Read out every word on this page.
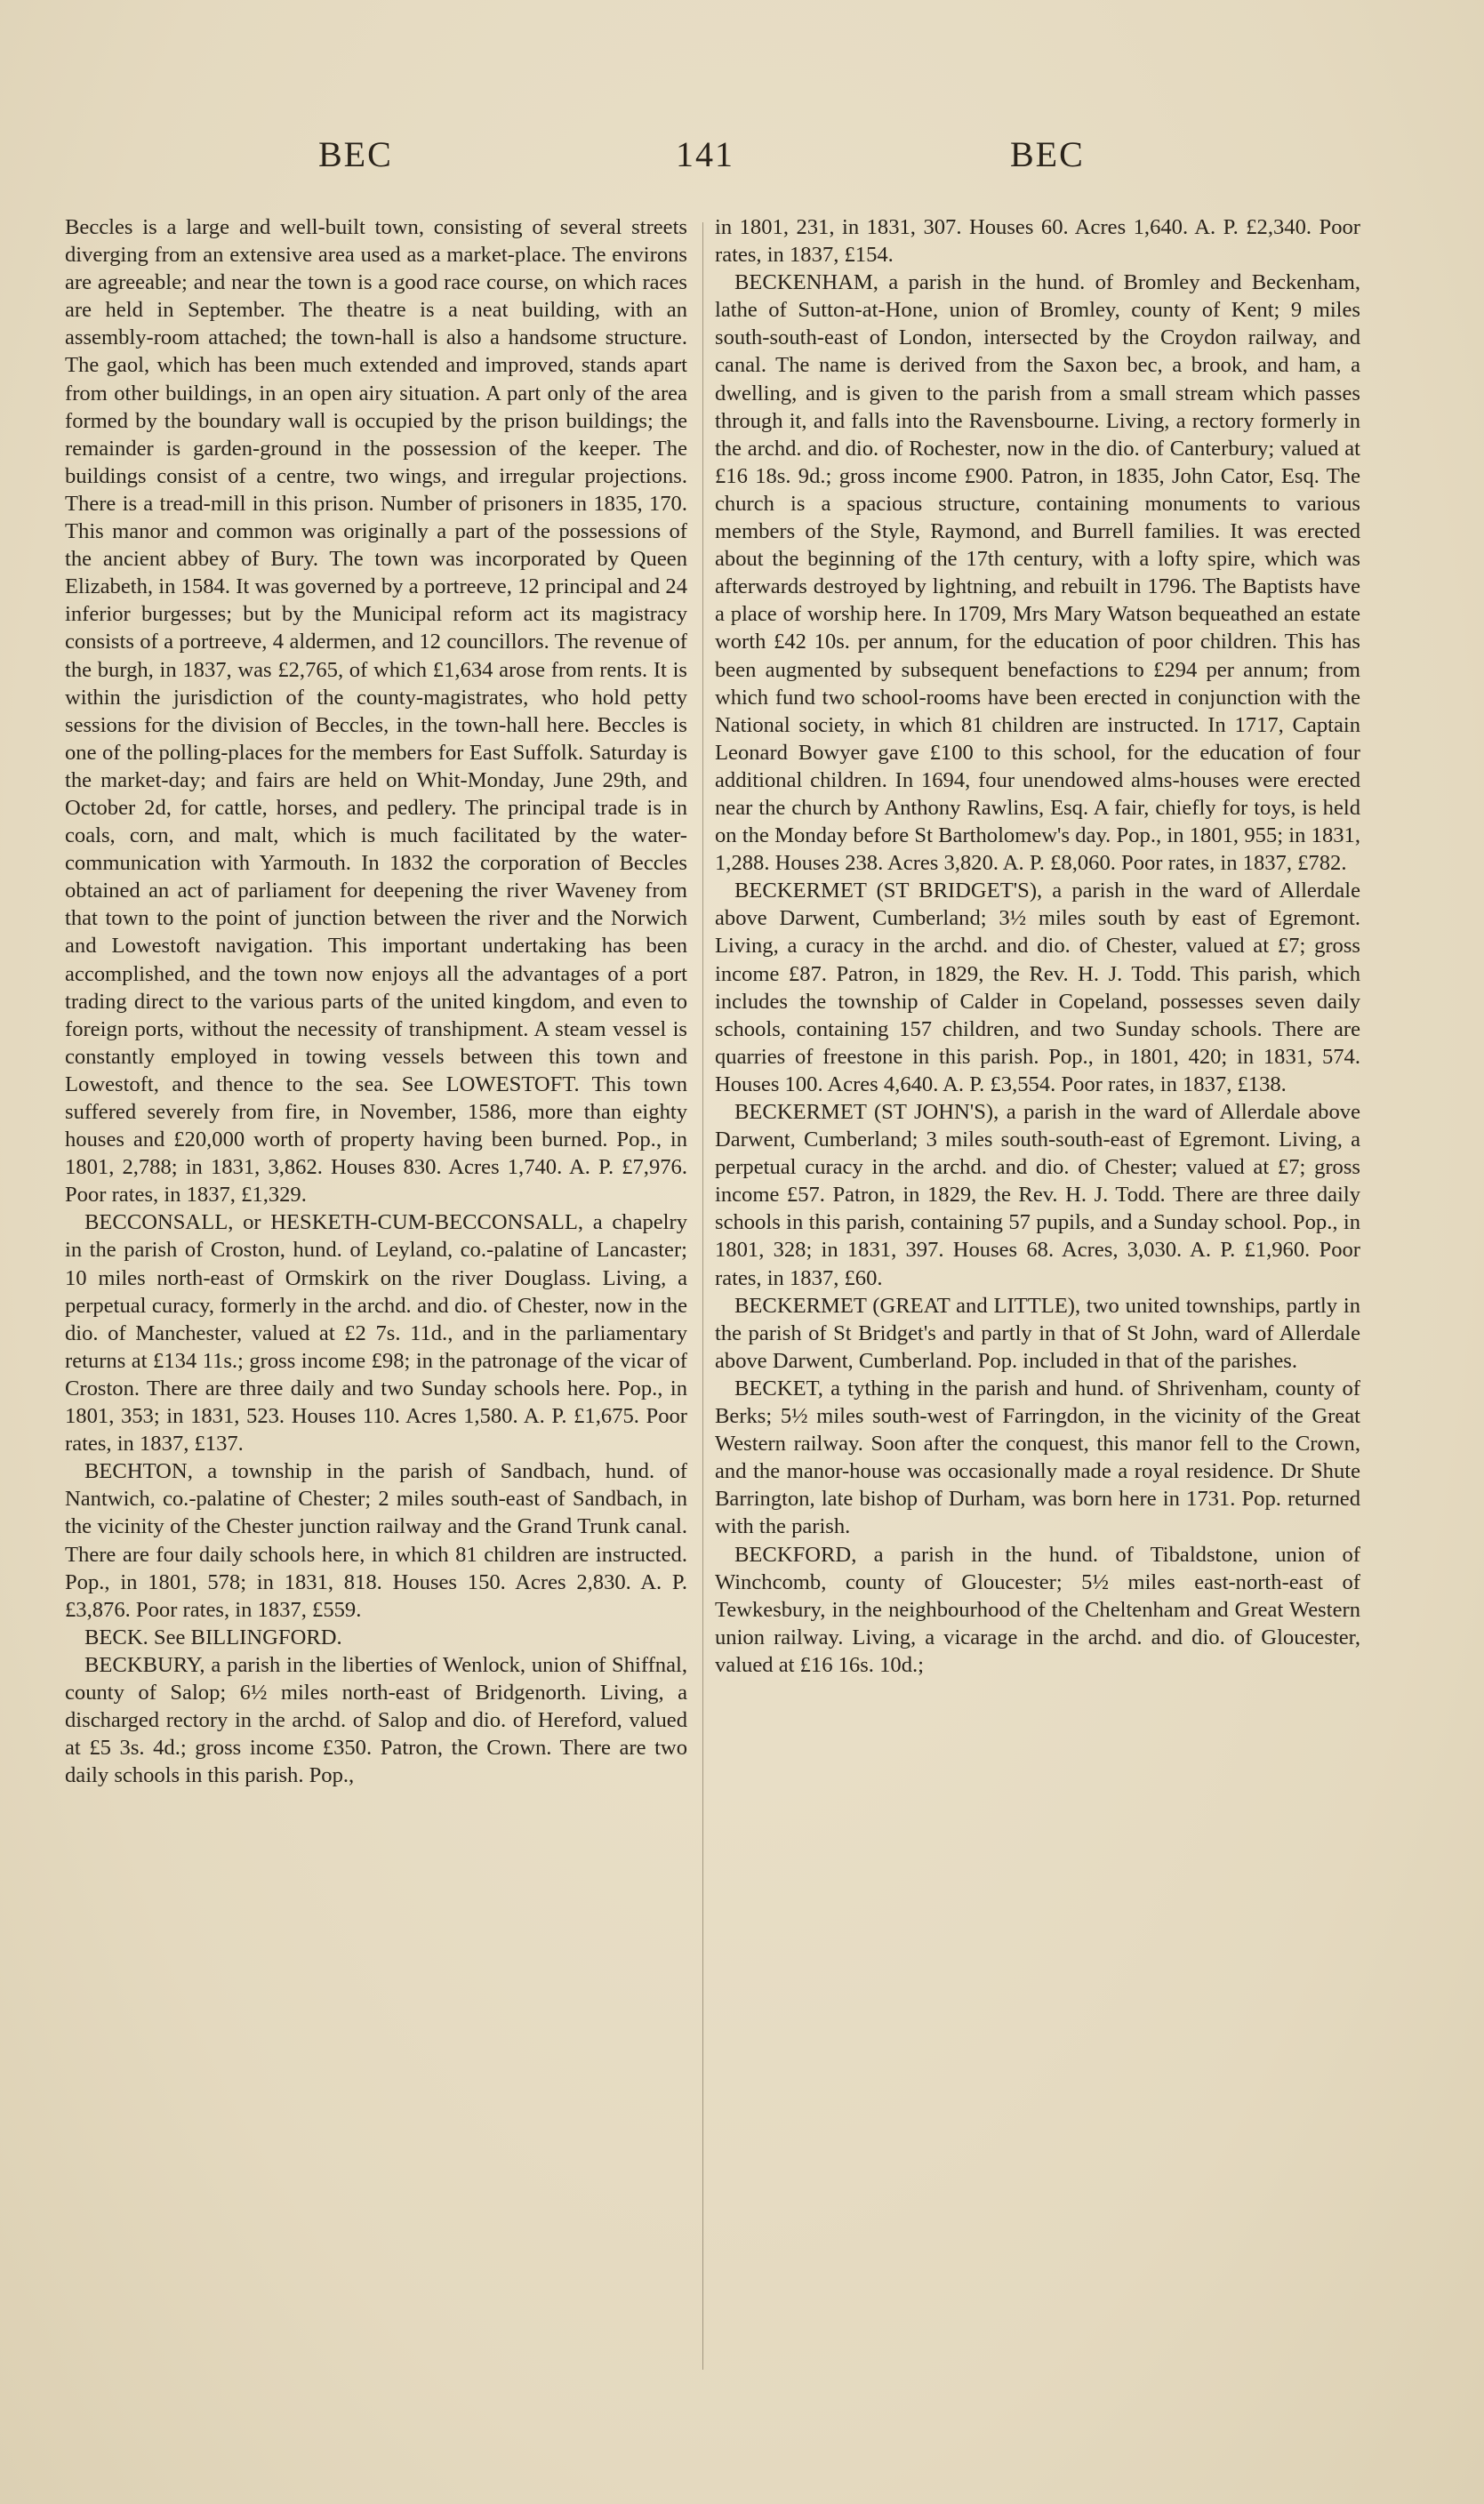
BEC	141	BEC

Beccles is a large and well-built town, consisting of several streets diverging from an extensive area used as a market-place. The environs are agreeable; and near the town is a good race course, on which races are held in September. The theatre is a neat building, with an assembly-room attached; the town-hall is also a handsome structure. The gaol, which has been much extended and improved, stands apart from other buildings, in an open airy situation. A part only of the area formed by the boundary wall is occupied by the prison buildings; the remainder is garden-ground in the possession of the keeper. The buildings consist of a centre, two wings, and irregular projections. There is a tread-mill in this prison. Number of prisoners in 1835, 170. This manor and common was originally a part of the possessions of the ancient abbey of Bury. The town was incorporated by Queen Elizabeth, in 1584. It was governed by a portreeve, 12 principal and 24 inferior burgesses; but by the Municipal reform act its magistracy consists of a portreeve, 4 aldermen, and 12 councillors. The revenue of the burgh, in 1837, was £2,765, of which £1,634 arose from rents. It is within the jurisdiction of the county-magistrates, who hold petty sessions for the division of Beccles, in the town-hall here. Beccles is one of the polling-places for the members for East Suffolk. Saturday is the market-day; and fairs are held on Whit-Monday, June 29th, and October 2d, for cattle, horses, and pedlery. The principal trade is in coals, corn, and malt, which is much facilitated by the water-communication with Yarmouth. In 1832 the corporation of Beccles obtained an act of parliament for deepening the river Waveney from that town to the point of junction between the river and the Norwich and Lowestoft navigation. This important undertaking has been accomplished, and the town now enjoys all the advantages of a port trading direct to the various parts of the united kingdom, and even to foreign ports, without the necessity of transhipment. A steam vessel is constantly employed in towing vessels between this town and Lowestoft, and thence to the sea. See LOWESTOFT. This town suffered severely from fire, in November, 1586, more than eighty houses and £20,000 worth of property having been burned. Pop., in 1801, 2,788; in 1831, 3,862. Houses 830. Acres 1,740. A. P. £7,976. Poor rates, in 1837, £1,329.

BECCONSALL, or HESKETH-CUM-BECCONSALL, a chapelry in the parish of Croston, hund. of Leyland, co.-palatine of Lancaster; 10 miles north-east of Ormskirk on the river Douglass. Living, a perpetual curacy, formerly in the archd. and dio. of Chester, now in the dio. of Manchester, valued at £2 7s. 11d., and in the parliamentary returns at £134 11s.; gross income £98; in the patronage of the vicar of Croston. There are three daily and two Sunday schools here. Pop., in 1801, 353; in 1831, 523. Houses 110. Acres 1,580. A. P. £1,675. Poor rates, in 1837, £137.

BECHTON, a township in the parish of Sandbach, hund. of Nantwich, co.-palatine of Chester; 2 miles south-east of Sandbach, in the vicinity of the Chester junction railway and the Grand Trunk canal. There are four daily schools here, in which 81 children are instructed. Pop., in 1801, 578; in 1831, 818. Houses 150. Acres 2,830. A. P. £3,876. Poor rates, in 1837, £559.

BECK. See BILLINGFORD.

BECKBURY, a parish in the liberties of Wenlock, union of Shiffnal, county of Salop; 6½ miles north-east of Bridgenorth. Living, a discharged rectory in the archd. of Salop and dio. of Hereford, valued at £5 3s. 4d.; gross income £350. Patron, the Crown. There are two daily schools in this parish. Pop.,

in 1801, 231, in 1831, 307. Houses 60. Acres 1,640. A. P. £2,340. Poor rates, in 1837, £154.

BECKENHAM, a parish in the hund. of Bromley and Beckenham, lathe of Sutton-at-Hone, union of Bromley, county of Kent; 9 miles south-south-east of London, intersected by the Croydon railway, and canal. The name is derived from the Saxon bec, a brook, and ham, a dwelling, and is given to the parish from a small stream which passes through it, and falls into the Ravensbourne. Living, a rectory formerly in the archd. and dio. of Rochester, now in the dio. of Canterbury; valued at £16 18s. 9d.; gross income £900. Patron, in 1835, John Cator, Esq. The church is a spacious structure, containing monuments to various members of the Style, Raymond, and Burrell families. It was erected about the beginning of the 17th century, with a lofty spire, which was afterwards destroyed by lightning, and rebuilt in 1796. The Baptists have a place of worship here. In 1709, Mrs Mary Watson bequeathed an estate worth £42 10s. per annum, for the education of poor children. This has been augmented by subsequent benefactions to £294 per annum; from which fund two school-rooms have been erected in conjunction with the National society, in which 81 children are instructed. In 1717, Captain Leonard Bowyer gave £100 to this school, for the education of four additional children. In 1694, four unendowed alms-houses were erected near the church by Anthony Rawlins, Esq. A fair, chiefly for toys, is held on the Monday before St Bartholomew's day. Pop., in 1801, 955; in 1831, 1,288. Houses 238. Acres 3,820. A. P. £8,060. Poor rates, in 1837, £782.

BECKERMET (ST BRIDGET'S), a parish in the ward of Allerdale above Darwent, Cumberland; 3½ miles south by east of Egremont. Living, a curacy in the archd. and dio. of Chester, valued at £7; gross income £87. Patron, in 1829, the Rev. H. J. Todd. This parish, which includes the township of Calder in Copeland, possesses seven daily schools, containing 157 children, and two Sunday schools. There are quarries of freestone in this parish. Pop., in 1801, 420; in 1831, 574. Houses 100. Acres 4,640. A. P. £3,554. Poor rates, in 1837, £138.

BECKERMET (ST JOHN'S), a parish in the ward of Allerdale above Darwent, Cumberland; 3 miles south-south-east of Egremont. Living, a perpetual curacy in the archd. and dio. of Chester; valued at £7; gross income £57. Patron, in 1829, the Rev. H. J. Todd. There are three daily schools in this parish, containing 57 pupils, and a Sunday school. Pop., in 1801, 328; in 1831, 397. Houses 68. Acres, 3,030. A. P. £1,960. Poor rates, in 1837, £60.

BECKERMET (GREAT and LITTLE), two united townships, partly in the parish of St Bridget's and partly in that of St John, ward of Allerdale above Darwent, Cumberland. Pop. included in that of the parishes.

BECKET, a tything in the parish and hund. of Shrivenham, county of Berks; 5½ miles south-west of Farringdon, in the vicinity of the Great Western railway. Soon after the conquest, this manor fell to the Crown, and the manor-house was occasionally made a royal residence. Dr Shute Barrington, late bishop of Durham, was born here in 1731. Pop. returned with the parish.

BECKFORD, a parish in the hund. of Tibaldstone, union of Winchcomb, county of Gloucester; 5½ miles east-north-east of Tewkesbury, in the neighbourhood of the Cheltenham and Great Western union railway. Living, a vicarage in the archd. and dio. of Gloucester, valued at £16 16s. 10d.;
